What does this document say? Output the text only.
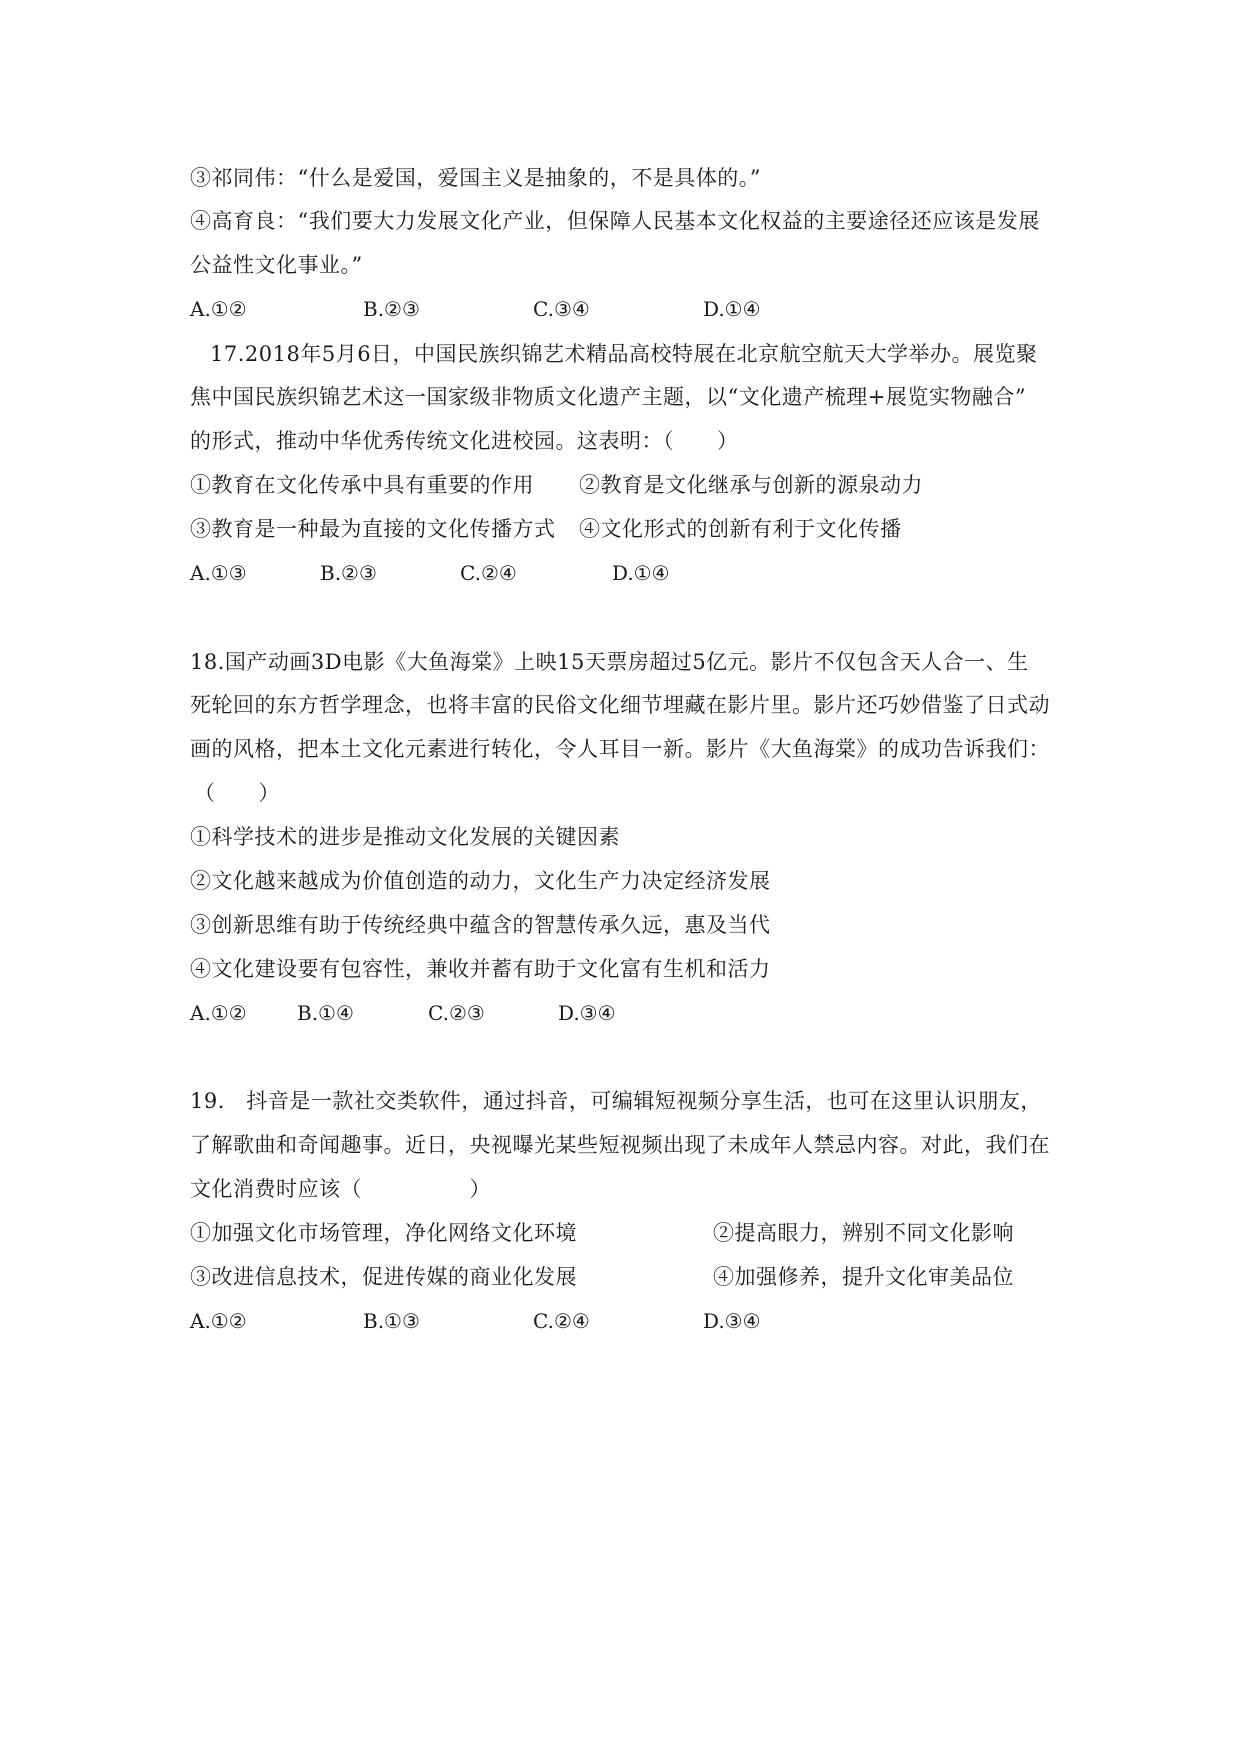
③祁同伟：“什么是爱国，爱国主义是抽象的，不是具体的。”
④高育良：“我们要大力发展文化产业，但保障人民基本文化权益的主要途径还应该是发展
公益性文化事业。”
A.①②	B.②③	C.③④	D.①④
17.2018年5月6日，中国民族织锦艺术精品高校特展在北京航空航天大学举办。展览聚
焦中国民族织锦艺术这一国家级非物质文化遗产主题，以“文化遗产梳理+展览实物融合”
的形式，推动中华优秀传统文化进校园。这表明：（　　）
①教育在文化传承中具有重要的作用 ②教育是文化继承与创新的源泉动力
③教育是一种最为直接的文化传播方式 ④文化形式的创新有利于文化传播
A.①③	B.②③	C.②④	D.①④
18.国产动画3D电影《大鱼海棠》上映15天票房超过5亿元。影片不仅包含天人合一、生
死轮回的东方哲学理念，也将丰富的民俗文化细节埋藏在影片里。影片还巧妙借鉴了日式动
画的风格，把本土文化元素进行转化，令人耳目一新。影片《大鱼海棠》的成功告诉我们：
（　　）
①科学技术的进步是推动文化发展的关键因素
②文化越来越成为价值创造的动力，文化生产力决定经济发展
③创新思维有助于传统经典中蕴含的智慧传承久远，惠及当代
④文化建设要有包容性，兼收并蓄有助于文化富有生机和活力
A.①②	B.①④	C.②③	D.③④
19.　抖音是一款社交类软件，通过抖音，可编辑短视频分享生活，也可在这里认识朋友，
了解歌曲和奇闻趣事。近日，央视曝光某些短视频出现了未成年人禁忌内容。对此，我们在
文化消费时应该（　　　　　）
①加强文化市场管理，净化网络文化环境	②提高眼力，辨别不同文化影响
③改进信息技术，促进传媒的商业化发展	④加强修养，提升文化审美品位
A.①②	B.①③	C.②④	D.③④
